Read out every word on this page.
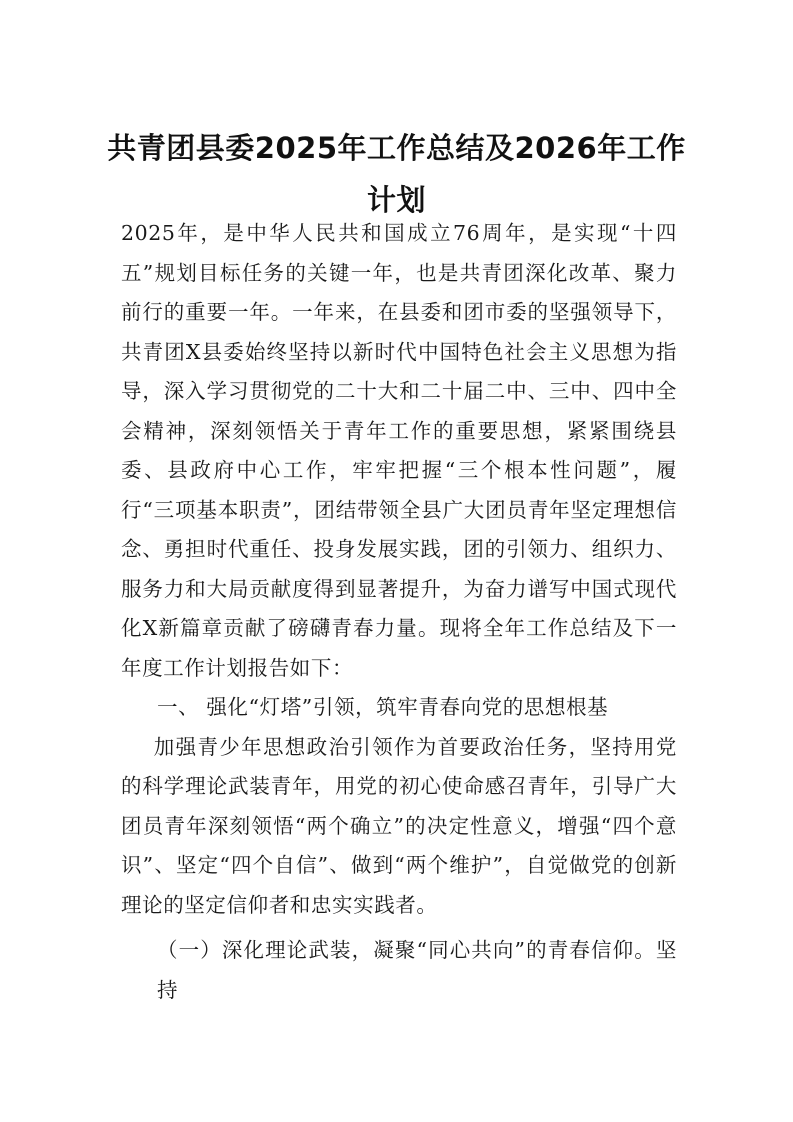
共青团县委2025年工作总结及2026年工作计划

2025年，是中华人民共和国成立76周年，是实现“十四五”规划目标任务的关键一年，也是共青团深化改革、聚力前行的重要一年。一年来，在县委和团市委的坚强领导下，共青团X县委始终坚持以新时代中国特色社会主义思想为指导，深入学习贯彻党的二十大和二十届二中、三中、四中全会精神，深刻领悟关于青年工作的重要思想，紧紧围绕县委、县政府中心工作，牢牢把握“三个根本性问题”，履行“三项基本职责”，团结带领全县广大团员青年坚定理想信念、勇担时代重任、投身发展实践，团的引领力、组织力、服务力和大局贡献度得到显著提升，为奋力谱写中国式现代化X新篇章贡献了磅礴青春力量。现将全年工作总结及下一年度工作计划报告如下：

一、 强化“灯塔”引领，筑牢青春向党的思想根基

加强青少年思想政治引领作为首要政治任务，坚持用党的科学理论武装青年，用党的初心使命感召青年，引导广大团员青年深刻领悟“两个确立”的决定性意义，增强“四个意识”、坚定“四个自信”、做到“两个维护”，自觉做党的创新理论的坚定信仰者和忠实实践者。

（一）深化理论武装，凝聚“同心共向”的青春信仰。坚持
